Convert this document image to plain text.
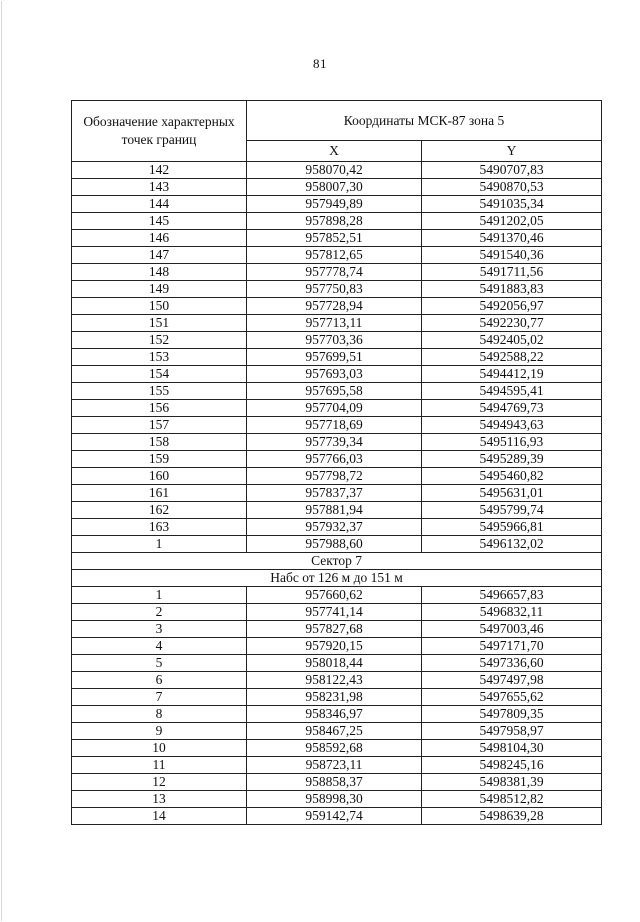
81
Обозначение характерных точек границ	Координаты МСК-87 зона 5	
	X	Y
142	958070,42	5490707,83
143	958007,30	5490870,53
144	957949,89	5491035,34
145	957898,28	5491202,05
146	957852,51	5491370,46
147	957812,65	5491540,36
148	957778,74	5491711,56
149	957750,83	5491883,83
150	957728,94	5492056,97
151	957713,11	5492230,77
152	957703,36	5492405,02
153	957699,51	5492588,22
154	957693,03	5494412,19
155	957695,58	5494595,41
156	957704,09	5494769,73
157	957718,69	5494943,63
158	957739,34	5495116,93
159	957766,03	5495289,39
160	957798,72	5495460,82
161	957837,37	5495631,01
162	957881,94	5495799,74
163	957932,37	5495966,81
1	957988,60	5496132,02
Сектор 7		
Набс от 126 м до 151 м		
1	957660,62	5496657,83
2	957741,14	5496832,11
3	957827,68	5497003,46
4	957920,15	5497171,70
5	958018,44	5497336,60
6	958122,43	5497497,98
7	958231,98	5497655,62
8	958346,97	5497809,35
9	958467,25	5497958,97
10	958592,68	5498104,30
11	958723,11	5498245,16
12	958858,37	5498381,39
13	958998,30	5498512,82
14	959142,74	5498639,28
